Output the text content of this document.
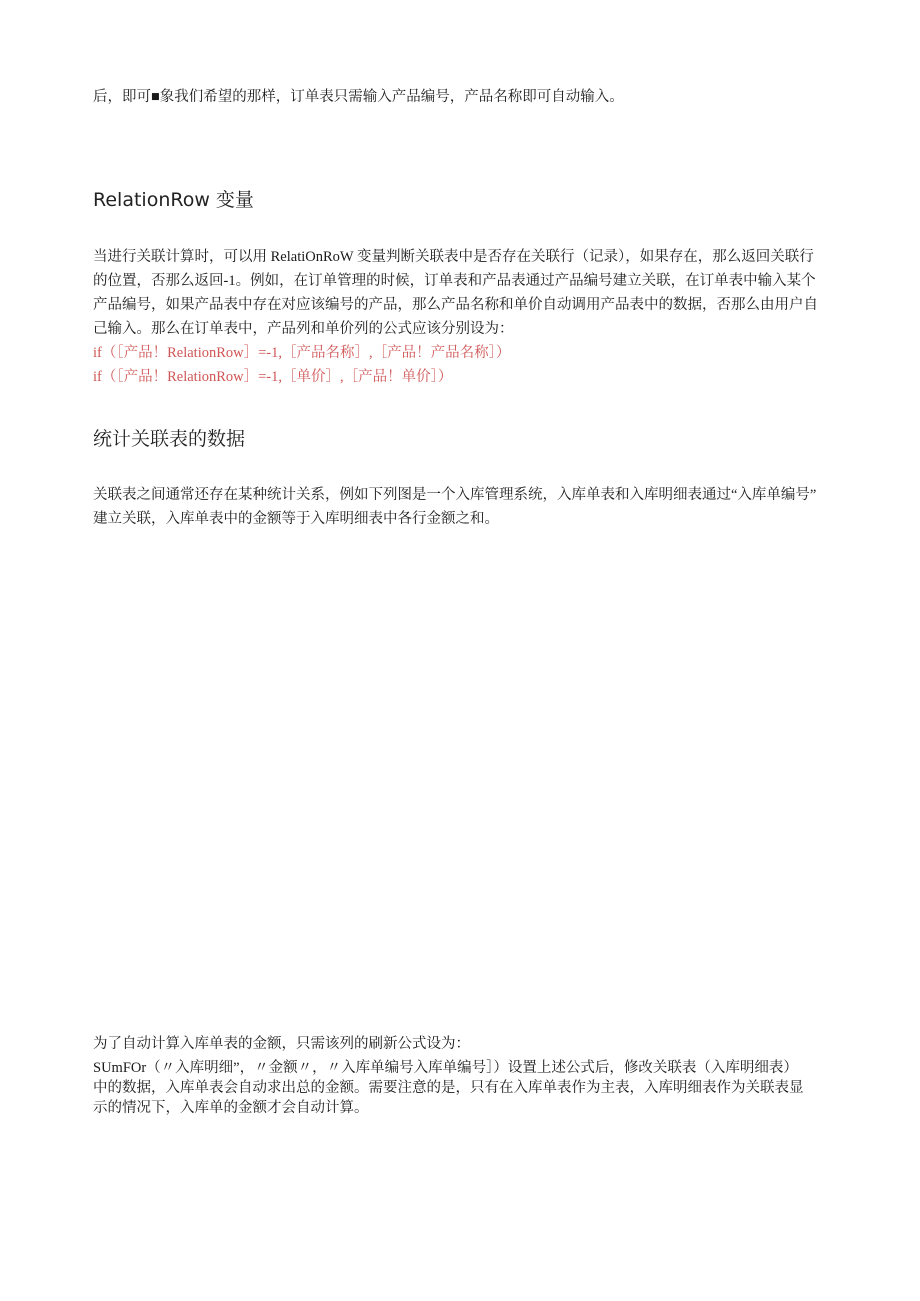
后，即可■象我们希望的那样，订单表只需输入产品编号，产品名称即可自动输入。
RelationRow 变量
当进行关联计算时，可以用 RelatiOnRoW 变量判断关联表中是否存在关联行（记录），如果存在，那么返回关联行
的位置，否那么返回-1。例如，在订单管理的时候，订单表和产品表通过产品编号建立关联，在订单表中输入某个
产品编号，如果产品表中存在对应该编号的产品，那么产品名称和单价自动调用产品表中的数据，否那么由用户自
己输入。那么在订单表中，产品列和单价列的公式应该分别设为：
if（［产品！RelationRow］=-1,［产品名称］,［产品！产品名称］）
if（［产品！RelationRow］=-1,［单价］,［产品！单价］）
统计关联表的数据
关联表之间通常还存在某种统计关系，例如下列图是一个入库管理系统，入库单表和入库明细表通过“入库单编号”
建立关联，入库单表中的金额等于入库明细表中各行金额之和。
为了自动计算入库单表的金额，只需该列的刷新公式设为：
SUmFOr（〃入库明细”，〃金额〃，〃入库单编号入库单编号］）设置上述公式后，修改关联表（入库明细表）
中的数据，入库单表会自动求出总的金额。需要注意的是，只有在入库单表作为主表，入库明细表作为关联表显
示的情况下，入库单的金额才会自动计算。
